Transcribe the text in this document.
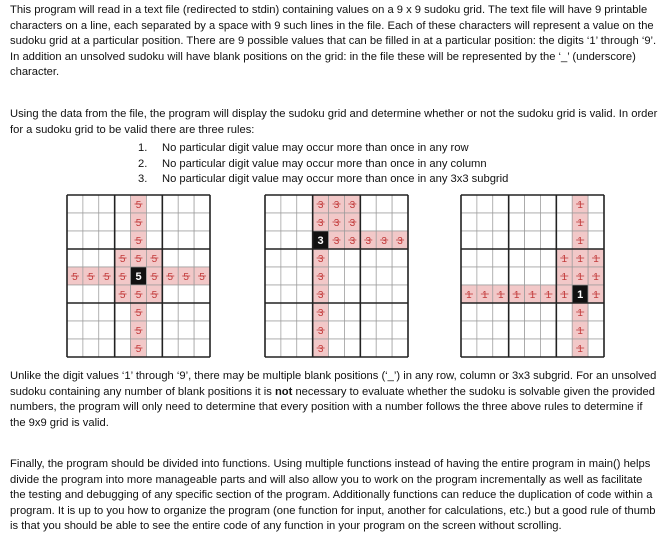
This program will read in a text file (redirected to stdin) containing values on a 9 x 9 sudoku grid. The text file will have 9 printable characters on a line, each separated by a space with 9 such lines in the file. Each of these characters will represent a value on the sudoku grid at a particular position. There are 9 possible values that can be filled in at a particular position: the digits ‘1’ through ‘9’. In addition an unsolved sudoku will have blank positions on the grid: in the file these will be represented by the ‘_’ (underscore) character.
Using the data from the file, the program will display the sudoku grid and determine whether or not the sudoku grid is valid. In order for a sudoku grid to be valid there are three rules:
1. No particular digit value may occur more than once in any row
2. No particular digit value may occur more than once in any column
3. No particular digit value may occur more than once in any 3x3 subgrid
5
5
5
5 5 5
5 5 5 5 5 5 5 5 5
5 5 5
5
5
5
3 3 3
3 3 3
3 3 3 3 3 3
3
3
3
3
3
3
1
1
1
1 1 1
1 1 1
1 1 1 1 1 1 1 1 1
1
1
1
Unlike the digit values ‘1’ through ‘9’, there may be multiple blank positions (‘_’) in any row, column or 3x3 subgrid. For an unsolved sudoku containing any number of blank positions it is not necessary to evaluate whether the sudoku is solvable given the provided numbers, the program will only need to determine that every position with a number follows the three above rules to determine if the 9x9 grid is valid.
Finally, the program should be divided into functions. Using multiple functions instead of having the entire program in main() helps divide the program into more manageable parts and will also allow you to work on the program incrementally as well as facilitate the testing and debugging of any specific section of the program. Additionally functions can reduce the duplication of code within a program. It is up to you how to organize the program (one function for input, another for calculations, etc.) but a good rule of thumb is that you should be able to see the entire code of any function in your program on the screen without scrolling.
